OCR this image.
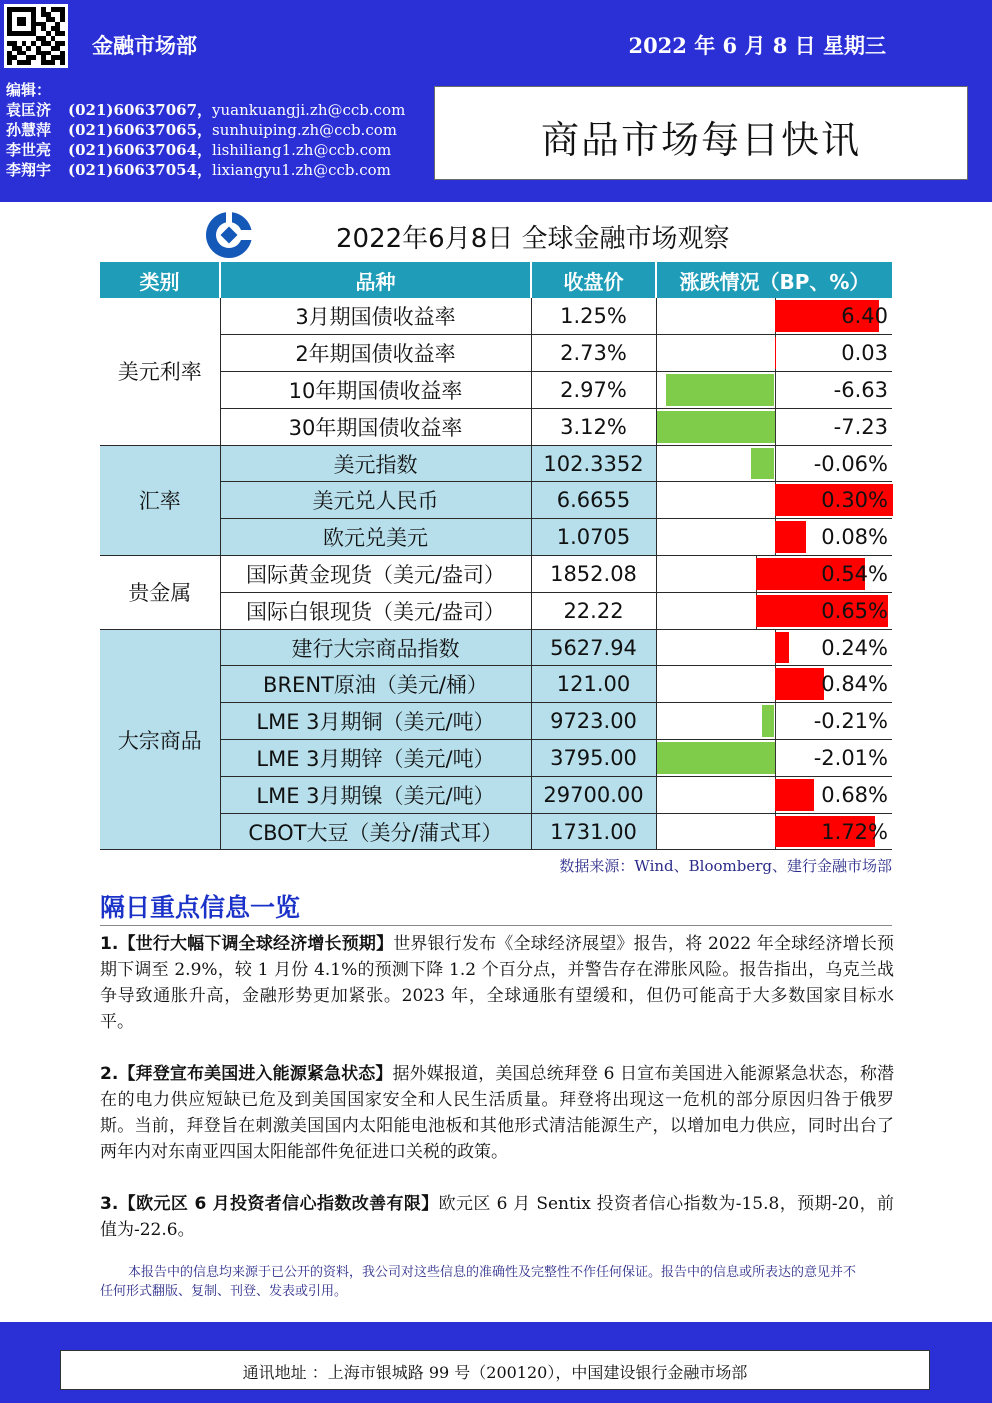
金融市场部	2022 年 6 月 8 日 星期三
编辑：
袁匡济 (021)60637067，yuankuangji.zh@ccb.com
孙慧萍 (021)60637065，sunhuiping.zh@ccb.com
李世亮 (021)60637064，lishiliang1.zh@ccb.com
李翔宇 (021)60637054，lixiangyu1.zh@ccb.com
商品市场每日快讯
2022年6月8日 全球金融市场观察
类别	品种	收盘价	涨跌情况（BP、%）
美元利率	3月期国债收益率	1.25%	6.40
	2年期国债收益率	2.73%	0.03
	10年期国债收益率	2.97%	-6.63
	30年期国债收益率	3.12%	-7.23
汇率	美元指数	102.3352	-0.06%
	美元兑人民币	6.6655	0.30%
	欧元兑美元	1.0705	0.08%
贵金属	国际黄金现货（美元/盎司）	1852.08	0.54%
	国际白银现货（美元/盎司）	22.22	0.65%
大宗商品	建行大宗商品指数	5627.94	0.24%
	BRENT原油（美元/桶）	121.00	0.84%
	LME 3月期铜（美元/吨）	9723.00	-0.21%
	LME 3月期锌（美元/吨）	3795.00	-2.01%
	LME 3月期镍（美元/吨）	29700.00	0.68%
	CBOT大豆（美分/蒲式耳）	1731.00	1.72%
数据来源：Wind、Bloomberg、建行金融市场部
隔日重点信息一览
1.【世行大幅下调全球经济增长预期】世界银行发布《全球经济展望》报告，将 2022 年全球经济增长预期下调至 2.9%，较 1 月份 4.1%的预测下降 1.2 个百分点，并警告存在滞胀风险。报告指出，乌克兰战争导致通胀升高，金融形势更加紧张。2023 年，全球通胀有望缓和，但仍可能高于大多数国家目标水平。
2.【拜登宣布美国进入能源紧急状态】据外媒报道，美国总统拜登 6 日宣布美国进入能源紧急状态，称潜在的电力供应短缺已危及到美国国家安全和人民生活质量。拜登将出现这一危机的部分原因归咎于俄罗斯。当前，拜登旨在刺激美国国内太阳能电池板和其他形式清洁能源生产，以增加电力供应，同时出台了两年内对东南亚四国太阳能部件免征进口关税的政策。
3.【欧元区 6 月投资者信心指数改善有限】欧元区 6 月 Sentix 投资者信心指数为-15.8，预期-20，前值为-22.6。
本报告中的信息均来源于已公开的资料，我公司对这些信息的准确性及完整性不作任何保证。报告中的信息或所表达的意见并不
任何形式翻版、复制、刊登、发表或引用。
通讯地址 ：上海市银城路 99 号（200120），中国建设银行金融市场部
